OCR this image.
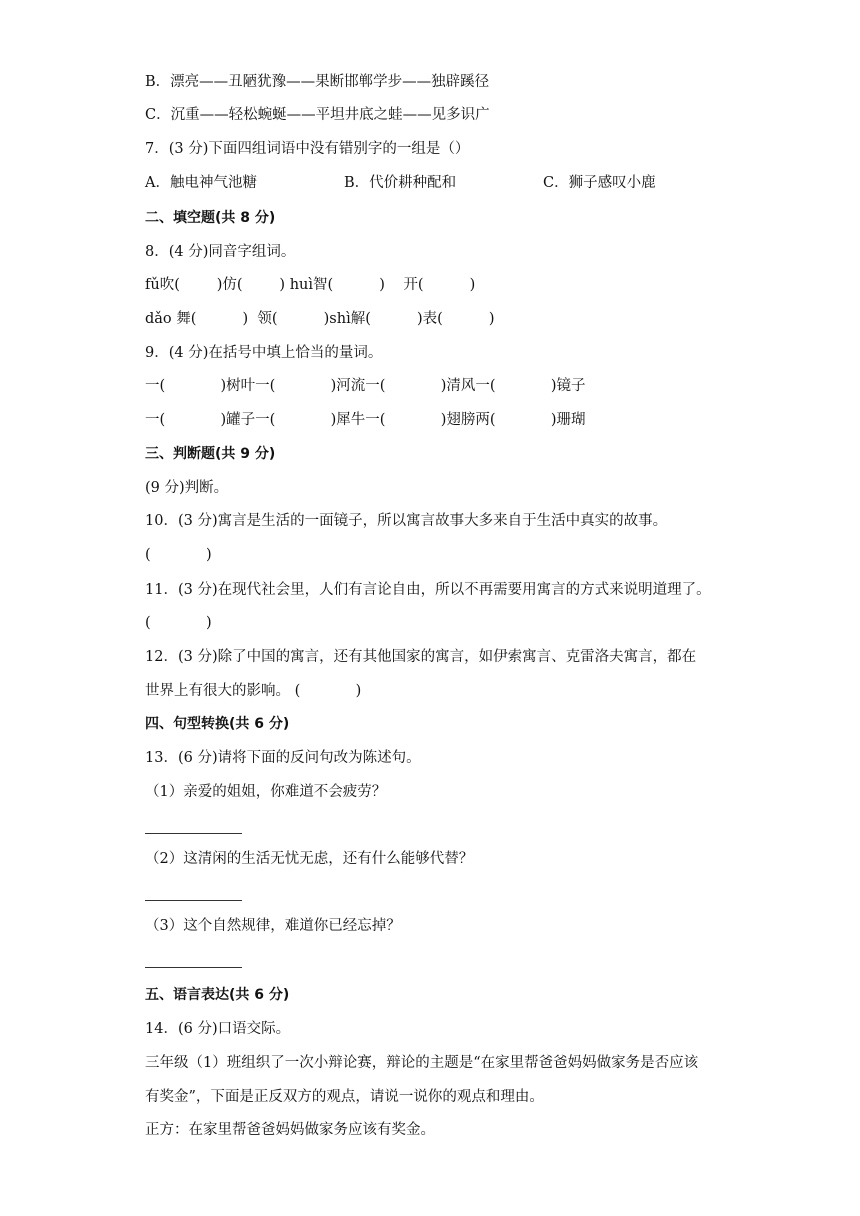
B．漂亮——丑陋犹豫——果断邯郸学步——独辟蹊径
C．沉重——轻松蜿蜒——平坦井底之蛙——见多识广
7．(3 分)下面四组词语中没有错别字的一组是（）
A．触电神气池糖	B．代价耕种配和	C．狮子感叹小鹿
二、填空题(共 8 分)
8．(4 分)同音字组词。
fǔ吹(        )仿(        ) huì智(          )    开(          )
dǎo 舞(          )  领(          )shì解(          )表(          )
9．(4 分)在括号中填上恰当的量词。
一(            )树叶一(            )河流一(            )清风一(            )镜子
一(            )罐子一(            )犀牛一(            )翅膀两(            )珊瑚
三、判断题(共 9 分)
(9 分)判断。
10．(3 分)寓言是生活的一面镜子，所以寓言故事大多来自于生活中真实的故事。
(            )
11．(3 分)在现代社会里，人们有言论自由，所以不再需要用寓言的方式来说明道理了。
(            )
12．(3 分)除了中国的寓言，还有其他国家的寓言，如伊索寓言、克雷洛夫寓言，都在
世界上有很大的影响。 (            )
四、句型转换(共 6 分)
13．(6 分)请将下面的反问句改为陈述句。
（1）亲爱的姐姐，你难道不会疲劳？
（2）这清闲的生活无忧无虑，还有什么能够代替？
（3）这个自然规律，难道你已经忘掉？
五、语言表达(共 6 分)
14．(6 分)口语交际。
三年级（1）班组织了一次小辩论赛，辩论的主题是“在家里帮爸爸妈妈做家务是否应该
有奖金”，下面是正反双方的观点，请说一说你的观点和理由。
正方：在家里帮爸爸妈妈做家务应该有奖金。
